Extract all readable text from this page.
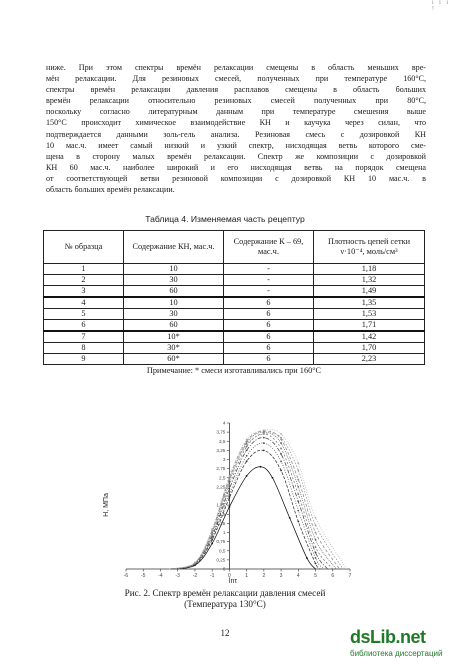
i i i !
ниже. При этом спектры времён релаксации смещены в область меньших вре-
мён релаксации. Для резиновых смесей, полученных при температуре 160°С,
спектры времён релаксации давления расплавов смещены в область больших
времён релаксации относительно резиновых смесей полученных при 80°С,
поскольку согласно литературным данным при температуре смешения выше
150°С происходит химическое взаимодействие КН и каучука через силан, что
подтверждается данными золь-гель анализа. Резиновая смесь с дозировкой КН
10 мас.ч. имеет самый низкий и узкий спектр, нисходящая ветвь которого сме-
щена в сторону малых времён релаксации. Спектр же композиции с дозировкой
КН 60 мас.ч. наиболее широкий и его нисходящая ветвь на порядок смещена
от соответствующей ветви резиновой композиции с дозировкой КН 10 мас.ч. в
область больших времён релаксации.
Таблица 4. Изменяемая часть рецептур
№ образца	Содержание КН, мас.ч.	Содержание К – 69, мас.ч.	Плотность цепей сетки ν·10⁻⁴, моль/см³
1	10	-	1,18
2	30	-	1,32
3	60	-	1,49
4	10	6	1,35
5	30	6	1,53
6	60	6	1,71
7	10*	6	1,42
8	30*	6	1,70
9	60*	6	2,23
Примечание: * смеси изготавливались при 160°С			
-6	-5	-4	-3	-2	-1	0	1	2	3	4	5	6	7
0
0,25
0,5
0,75
1
1,25
1,5
1,75
2
2,25
2,5
2,75
3
3,25
3,5
3,75
4
H, МПа
lnτ
Рис. 2. Спектр времён релаксации давления смесей
(Температура 130°С)
12	dsLib.net
библиотека диссертаций
